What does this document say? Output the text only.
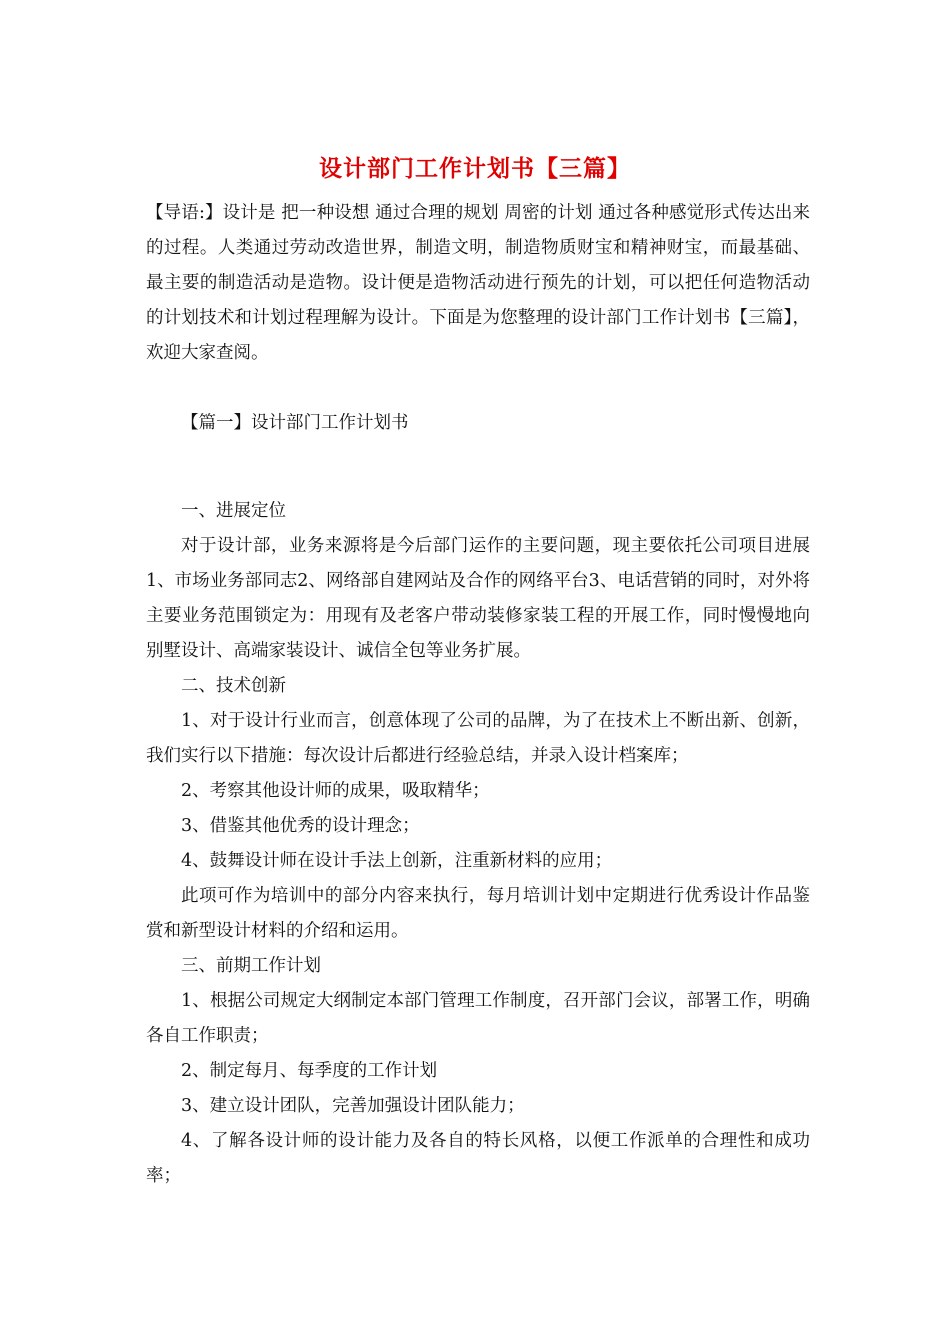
设计部门工作计划书【三篇】

【导语:】设计是 把一种设想 通过合理的规划 周密的计划 通过各种感觉形式传达出来的过程。人类通过劳动改造世界，制造文明，制造物质财宝和精神财宝，而最基础、最主要的制造活动是造物。设计便是造物活动进行预先的计划，可以把任何造物活动的计划技术和计划过程理解为设计。下面是为您整理的设计部门工作计划书【三篇】，欢迎大家查阅。

【篇一】设计部门工作计划书

一、进展定位

对于设计部，业务来源将是今后部门运作的主要问题，现主要依托公司项目进展1、市场业务部同志2、网络部自建网站及合作的网络平台3、电话营销的同时，对外将主要业务范围锁定为：用现有及老客户带动装修家装工程的开展工作，同时慢慢地向别墅设计、高端家装设计、诚信全包等业务扩展。

二、技术创新

1、对于设计行业而言，创意体现了公司的品牌，为了在技术上不断出新、创新，我们实行以下措施：每次设计后都进行经验总结，并录入设计档案库；

2、考察其他设计师的成果，吸取精华；

3、借鉴其他优秀的设计理念；

4、鼓舞设计师在设计手法上创新，注重新材料的应用；

此项可作为培训中的部分内容来执行，每月培训计划中定期进行优秀设计作品鉴赏和新型设计材料的介绍和运用。

三、前期工作计划

1、根据公司规定大纲制定本部门管理工作制度，召开部门会议，部署工作，明确各自工作职责；

2、制定每月、每季度的工作计划

3、建立设计团队，完善加强设计团队能力；

4、了解各设计师的设计能力及各自的特长风格，以便工作派单的合理性和成功率；
